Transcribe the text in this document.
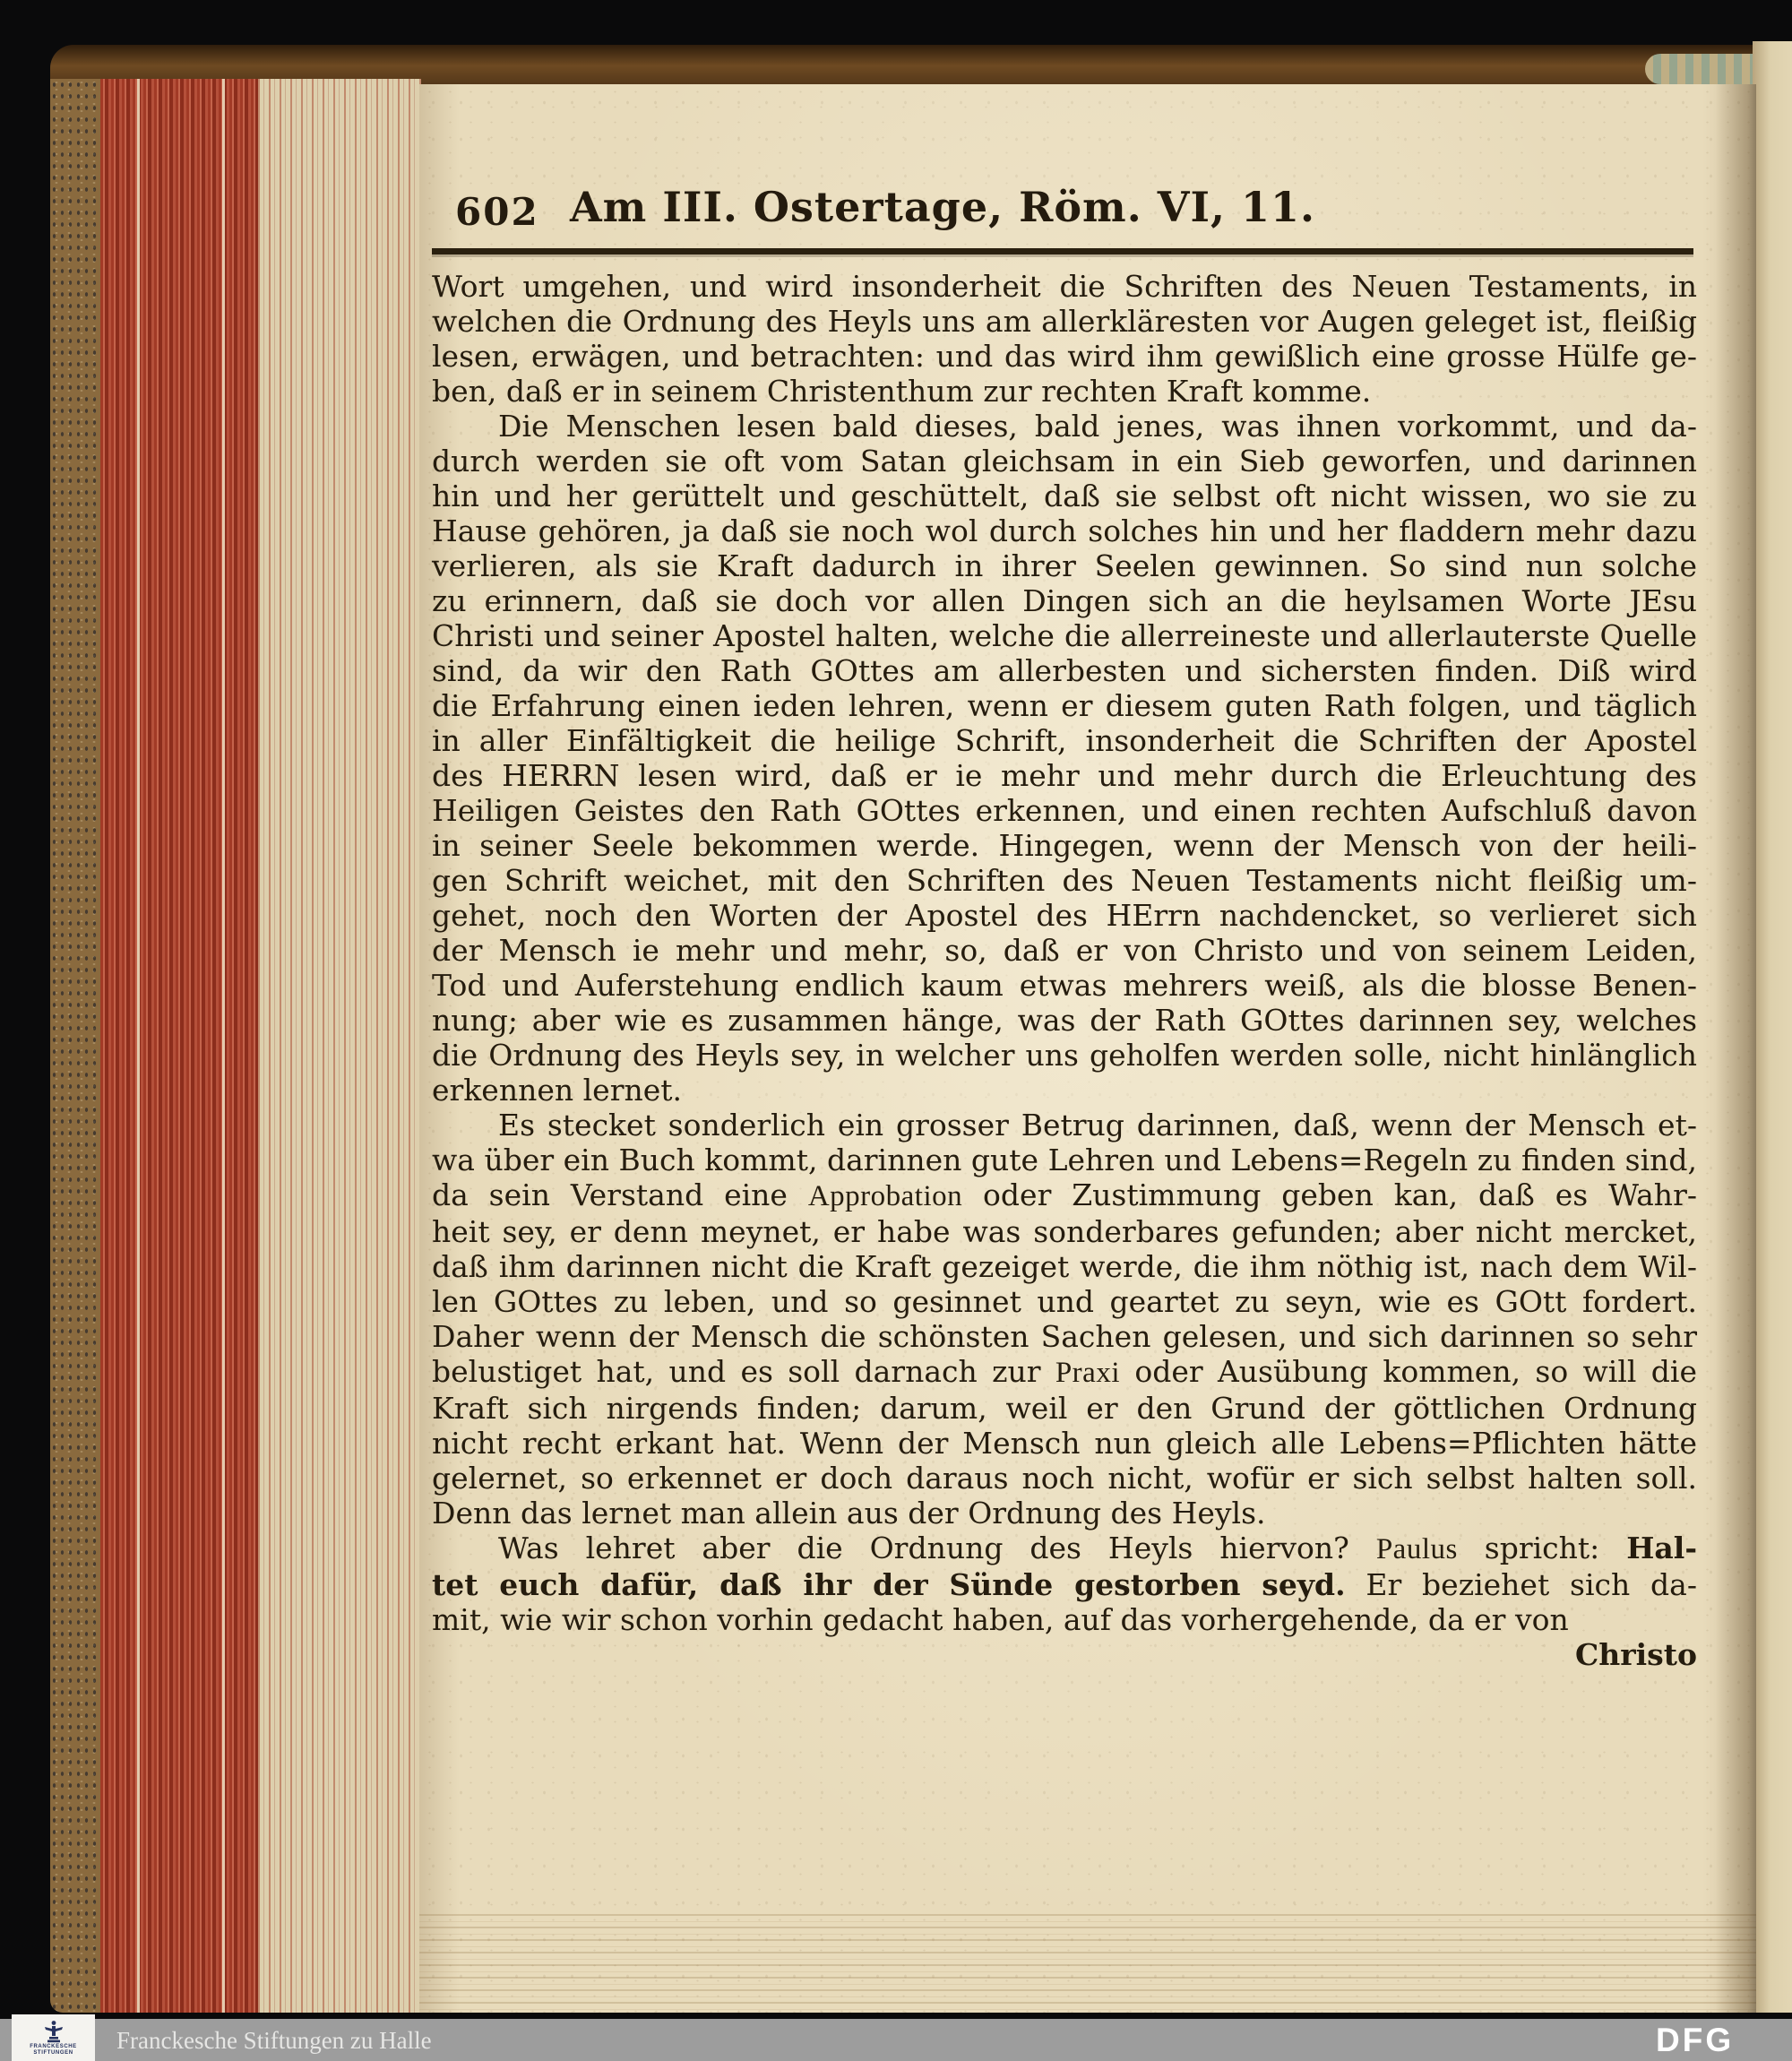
602 Am III. Ostertage, Röm. VI, 11.
Wort umgehen, und wird insonderheit die Schriften des Neuen Testaments, in
welchen die Ordnung des Heyls uns am allerkläresten vor Augen geleget ist, fleißig
lesen, erwägen, und betrachten: und das wird ihm gewißlich eine grosse Hülfe ge-
ben, daß er in seinem Christenthum zur rechten Kraft komme.
Die Menschen lesen bald dieses, bald jenes, was ihnen vorkommt, und da-
durch werden sie oft vom Satan gleichsam in ein Sieb geworfen, und darinnen
hin und her gerüttelt und geschüttelt, daß sie selbst oft nicht wissen, wo sie zu
Hause gehören, ja daß sie noch wol durch solches hin und her fladdern mehr dazu
verlieren, als sie Kraft dadurch in ihrer Seelen gewinnen. So sind nun solche
zu erinnern, daß sie doch vor allen Dingen sich an die heylsamen Worte JEsu
Christi und seiner Apostel halten, welche die allerreineste und allerlauterste Quelle
sind, da wir den Rath GOttes am allerbesten und sichersten finden. Diß wird
die Erfahrung einen ieden lehren, wenn er diesem guten Rath folgen, und täglich
in aller Einfältigkeit die heilige Schrift, insonderheit die Schriften der Apostel
des HERRN lesen wird, daß er ie mehr und mehr durch die Erleuchtung des
Heiligen Geistes den Rath GOttes erkennen, und einen rechten Aufschluß davon
in seiner Seele bekommen werde. Hingegen, wenn der Mensch von der heili-
gen Schrift weichet, mit den Schriften des Neuen Testaments nicht fleißig um-
gehet, noch den Worten der Apostel des HErrn nachdencket, so verlieret sich
der Mensch ie mehr und mehr, so, daß er von Christo und von seinem Leiden,
Tod und Auferstehung endlich kaum etwas mehrers weiß, als die blosse Benen-
nung; aber wie es zusammen hänge, was der Rath GOttes darinnen sey, welches
die Ordnung des Heyls sey, in welcher uns geholfen werden solle, nicht hinlänglich
erkennen lernet.
Es stecket sonderlich ein grosser Betrug darinnen, daß, wenn der Mensch et-
wa über ein Buch kommt, darinnen gute Lehren und Lebens=Regeln zu finden sind,
da sein Verstand eine Approbation oder Zustimmung geben kan, daß es Wahr-
heit sey, er denn meynet, er habe was sonderbares gefunden; aber nicht mercket,
daß ihm darinnen nicht die Kraft gezeiget werde, die ihm nöthig ist, nach dem Wil-
len GOttes zu leben, und so gesinnet und geartet zu seyn, wie es GOtt fordert.
Daher wenn der Mensch die schönsten Sachen gelesen, und sich darinnen so sehr
belustiget hat, und es soll darnach zur Praxi oder Ausübung kommen, so will die
Kraft sich nirgends finden; darum, weil er den Grund der göttlichen Ordnung
nicht recht erkant hat. Wenn der Mensch nun gleich alle Lebens=Pflichten hätte
gelernet, so erkennet er doch daraus noch nicht, wofür er sich selbst halten soll.
Denn das lernet man allein aus der Ordnung des Heyls.
Was lehret aber die Ordnung des Heyls hiervon? Paulus spricht: Hal-
tet euch dafür, daß ihr der Sünde gestorben seyd. Er beziehet sich da-
mit, wie wir schon vorhin gedacht haben, auf das vorhergehende, da er von
Christo
FRANCKESCHE STIFTUNGEN	Franckesche Stiftungen zu Halle	DFG
